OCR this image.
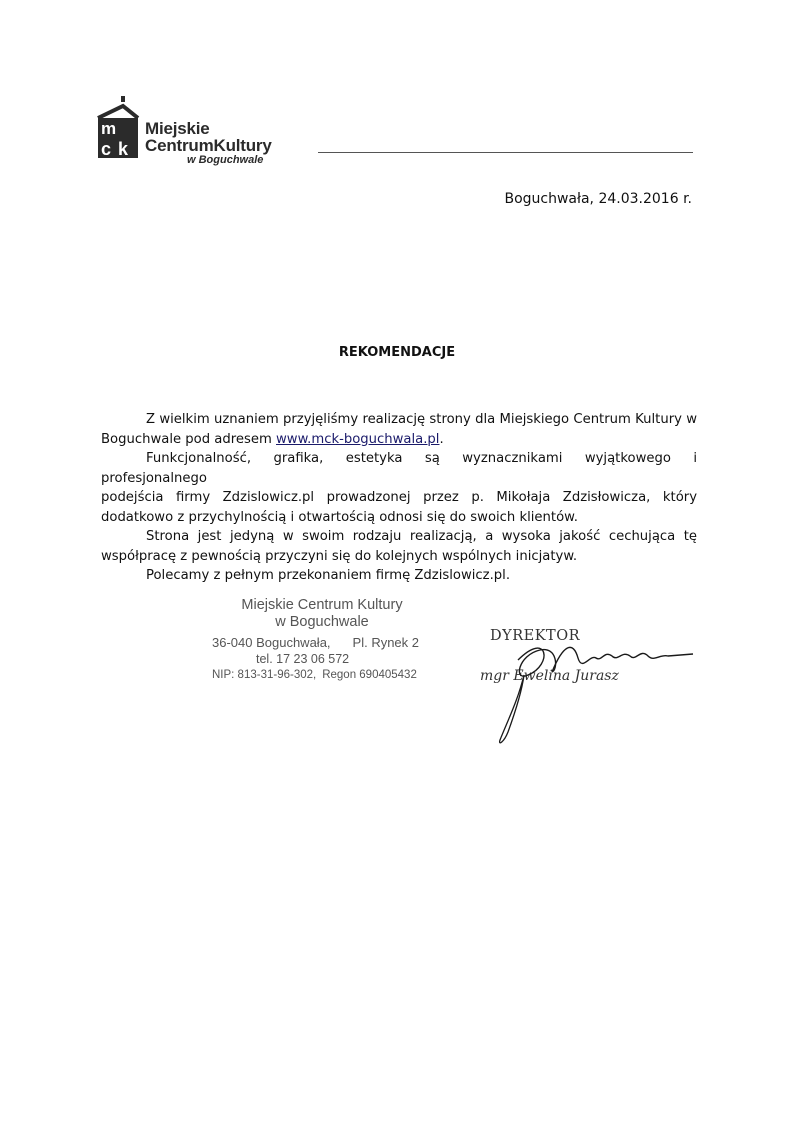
m
c k
Miejskie
CentrumKultury
w Boguchwale
Boguchwała, 24.03.2016 r.
REKOMENDACJE

Z wielkim uznaniem przyjęliśmy realizację strony dla Miejskiego Centrum Kultury w Boguchwale pod adresem www.mck-boguchwala.pl.

Funkcjonalność, grafika, estetyka są wyznacznikami wyjątkowego i profesjonalnego

podejścia firmy Zdzislowicz.pl prowadzonej przez p. Mikołaja Zdzisłowicza, który dodatkowo z przychylnością i otwartością odnosi się do swoich klientów.

Strona jest jedyną w swoim rodzaju realizacją, a wysoka jakość cechująca tę współpracę z pewnością przyczyni się do kolejnych wspólnych inicjatyw.

Polecamy z pełnym przekonaniem firmę Zdzislowicz.pl.

Miejskie Centrum Kultury
w Boguchwale
36-040 Boguchwała, Pl. Rynek 2
tel. 17 23 06 572
NIP: 813-31-96-302, Regon 690405432
DYREKTOR
mgr Ewelina Jurasz
